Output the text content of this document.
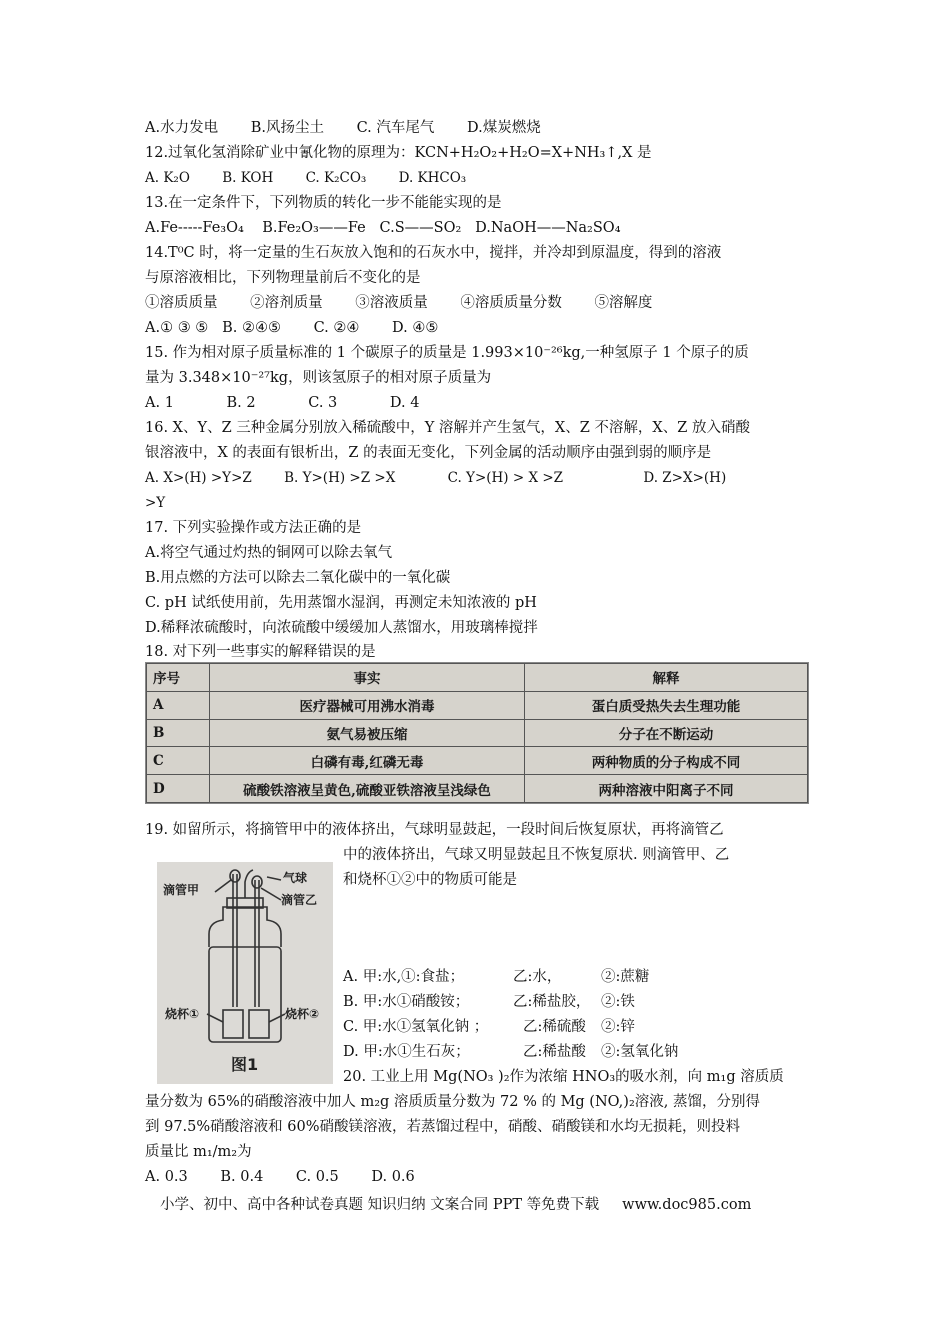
A.水力发电 B.风扬尘土 C. 汽车尾气 D.煤炭燃烧
12.过氧化氢消除矿业中氰化物的原理为：KCN+H₂O₂+H₂O=X+NH₃↑,X 是
A. K₂O B. KOH C. K₂CO₃ D. KHCO₃
13.在一定条件下，下列物质的转化一步不能能实现的是
A.Fe-----Fe₃O₄ B.Fe₂O₃——Fe C.S——SO₂ D.NaOH——Na₂SO₄
14.T⁰C 时，将一定量的生石灰放入饱和的石灰水中，搅拌，并冷却到原温度，得到的溶液
与原溶液相比，下列物理量前后不变化的是
①溶质质量 ②溶剂质量 ③溶液质量 ④溶质质量分数 ⑤溶解度
A.① ③ ⑤ B. ②④⑤ C. ②④ D. ④⑤
15. 作为相对原子质量标准的 1 个碳原子的质量是 1.993×10⁻²⁶kg,一种氢原子 1 个原子的质
量为 3.348×10⁻²⁷kg，则该氢原子的相对原子质量为
A. 1	B. 2	C. 3	D. 4
16. X、Y、Z 三种金属分别放入稀硫酸中，Y 溶解并产生氢气，X、Z 不溶解，X、Z 放入硝酸
银溶液中，X 的表面有银析出，Z 的表面无变化，下列金属的活动顺序由强到弱的顺序是
A. X>(H) >Y>Z B. Y>(H) >Z >X	C. Y>(H) > X >Z	D. Z>X>(H)
>Y
17. 下列实验操作或方法正确的是
A.将空气通过灼热的铜网可以除去氧气
B.用点燃的方法可以除去二氧化碳中的一氧化碳
C. pH 试纸使用前，先用蒸馏水湿润，再测定未知浓液的 pH
D.稀释浓硫酸时，向浓硫酸中缓缓加人蒸馏水，用玻璃棒搅拌
18. 对下列一些事实的解释错误的是
序号	事实	解释
A	医疗器械可用沸水消毒	蛋白质受热失去生理功能
B	氨气易被压缩	分子在不断运动
C	白磷有毒,红磷无毒	两种物质的分子构成不同
D	硫酸铁溶液呈黄色,硫酸亚铁溶液呈浅绿色	两种溶液中阳离子不同
19. 如留所示，将摘管甲中的液体挤出，气球明显鼓起，一段时间后恢复原状，再将滴管乙
中的液体挤出，气球又明显鼓起且不恢复原状. 则滴管甲、乙
和烧杯①②中的物质可能是
滴管甲
气球
滴管乙
烧杯①	烧杯②
图1
A. 甲:水,①:食盐；	乙:水，	②:蔗糖
B. 甲:水①硝酸铵；	乙:稀盐胶， ②:铁
C. 甲:水①氢氧化钠 ； 乙:稀硫酸 ②:锌
D. 甲:水①生石灰；	乙:稀盐酸 ②:氢氧化钠
20. 工业上用 Mg(NO₃ )₂作为浓缩 HNO₃的吸水剂，向 m₁g 溶质质
量分数为 65%的硝酸溶液中加人 m₂g 溶质质量分数为 72 % 的 Mg (NO,)₂溶液, 蒸馏，分别得
到 97.5%硝酸溶液和 60%硝酸镁溶液，若蒸馏过程中，硝酸、硝酸镁和水均无损耗，则投料
质量比 m₁/m₂为
A. 0.3 B. 0.4 C. 0.5 D. 0.6
小学、初中、高中各种试卷真题 知识归纳 文案合同 PPT 等免费下载 www.doc985.com
